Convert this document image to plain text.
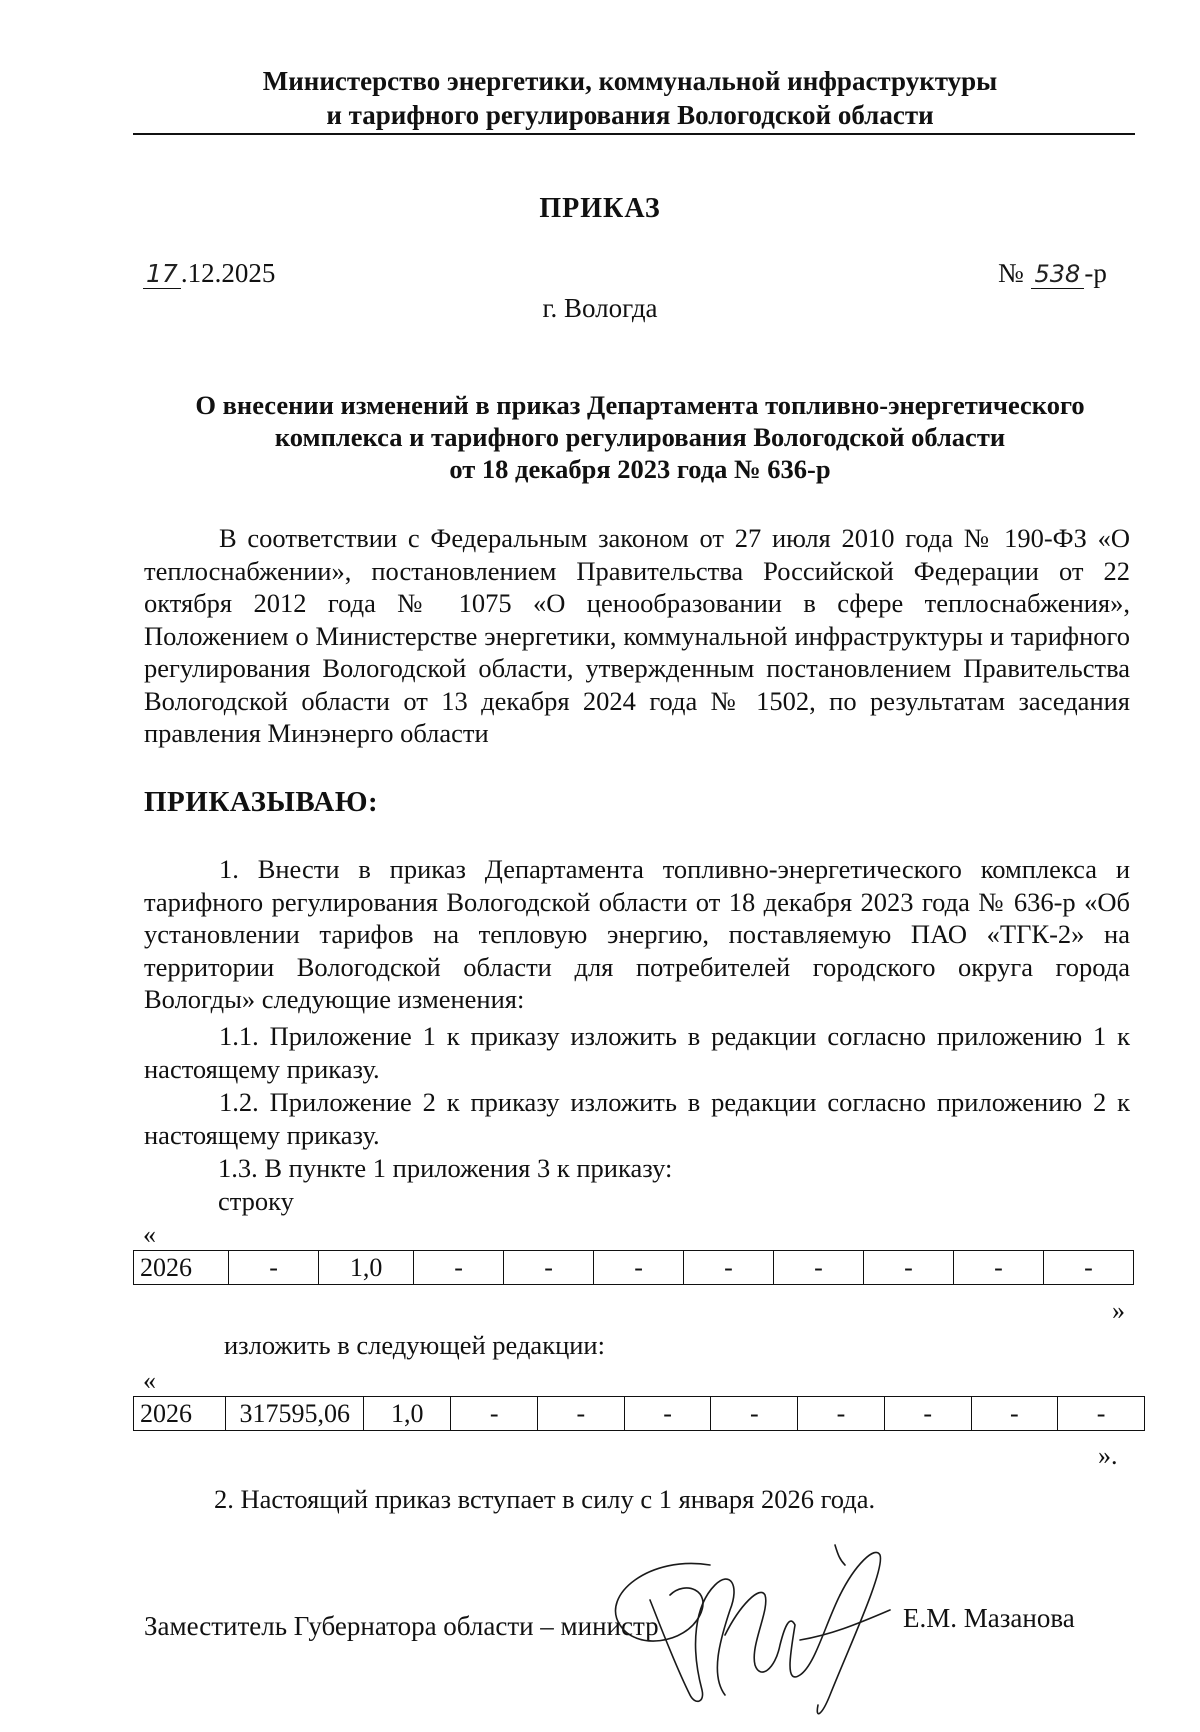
Министерство энергетики, коммунальной инфраструктуры
и тарифного регулирования Вологодской области
ПРИКАЗ
17 .12.2025	№ 538 -р
г. Вологда
О внесении изменений в приказ Департамента топливно-энергетического
комплекса и тарифного регулирования Вологодской области
от 18 декабря 2023 года № 636-р
В соответствии с Федеральным законом от 27 июля 2010 года № 190-ФЗ «О теплоснабжении», постановлением Правительства Российской Федерации от 22 октября 2012 года № 1075 «О ценообразовании в сфере теплоснабжения», Положением о Министерстве энергетики, коммунальной инфраструктуры и тарифного регулирования Вологодской области, утвержденным постановлением Правительства Вологодской области от 13 декабря 2024 года № 1502, по результатам заседания правления Минэнерго области
ПРИКАЗЫВАЮ:
1. Внести в приказ Департамента топливно-энергетического комплекса и тарифного регулирования Вологодской области от 18 декабря 2023 года № 636-р «Об установлении тарифов на тепловую энергию, поставляемую ПАО «ТГК-2» на территории Вологодской области для потребителей городского округа города Вологды» следующие изменения:
1.1. Приложение 1 к приказу изложить в редакции согласно приложению 1 к настоящему приказу.
1.2. Приложение 2 к приказу изложить в редакции согласно приложению 2 к настоящему приказу.
1.3. В пункте 1 приложения 3 к приказу:
строку
«
2026	-	1,0	-	-	-	-	-	-	-	-
»
изложить в следующей редакции:
«
2026	317595,06	1,0	-	-	-	-	-	-	-	-
».
2. Настоящий приказ вступает в силу с 1 января 2026 года.
Заместитель Губернатора области – министр	Е.М. Мазанова
